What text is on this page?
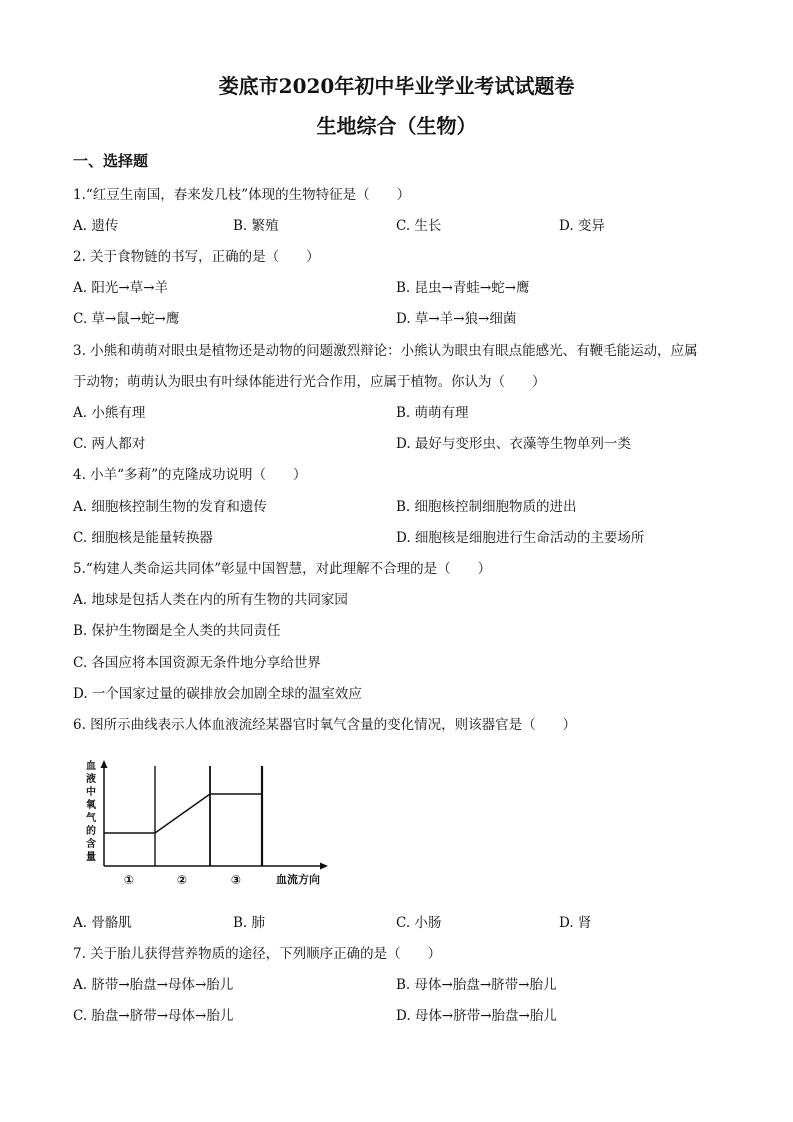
娄底市2020年初中毕业学业考试试题卷
生地综合（生物）
一、选择题
1.“红豆生南国，春来发几枝”体现的生物特征是（　　）
A. 遗传	B. 繁殖	C. 生长	D. 变异
2. 关于食物链的书写，正确的是（　　）
A. 阳光→草→羊	B. 昆虫→青蛙→蛇→鹰
C. 草→鼠→蛇→鹰	D. 草→羊→狼→细菌
3. 小熊和萌萌对眼虫是植物还是动物的问题激烈辩论：小熊认为眼虫有眼点能感光、有鞭毛能运动，应属
于动物；萌萌认为眼虫有叶绿体能进行光合作用，应属于植物。你认为（　　）
A. 小熊有理	B. 萌萌有理
C. 两人都对	D. 最好与变形虫、衣藻等生物单列一类
4. 小羊“多莉”的克隆成功说明（　　）
A. 细胞核控制生物的发育和遗传	B. 细胞核控制细胞物质的进出
C. 细胞核是能量转换器	D. 细胞核是细胞进行生命活动的主要场所
5.“构建人类命运共同体”彰显中国智慧，对此理解不合理的是（　　）
A. 地球是包括人类在内的所有生物的共同家园
B. 保护生物圈是全人类的共同责任
C. 各国应将本国资源无条件地分享给世界
D. 一个国家过量的碳排放会加剧全球的温室效应
6. 图所示曲线表示人体血液流经某器官时氧气含量的变化情况，则该器官是（　　）
血
液
中
氧
气
的
含
量
①	②	③	血流方向
A. 骨骼肌	B. 肺	C. 小肠	D. 肾
7. 关于胎儿获得营养物质的途径，下列顺序正确的是（　　）
A. 脐带→胎盘→母体→胎儿	B. 母体→胎盘→脐带→胎儿
C. 胎盘→脐带→母体→胎儿	D. 母体→脐带→胎盘→胎儿
